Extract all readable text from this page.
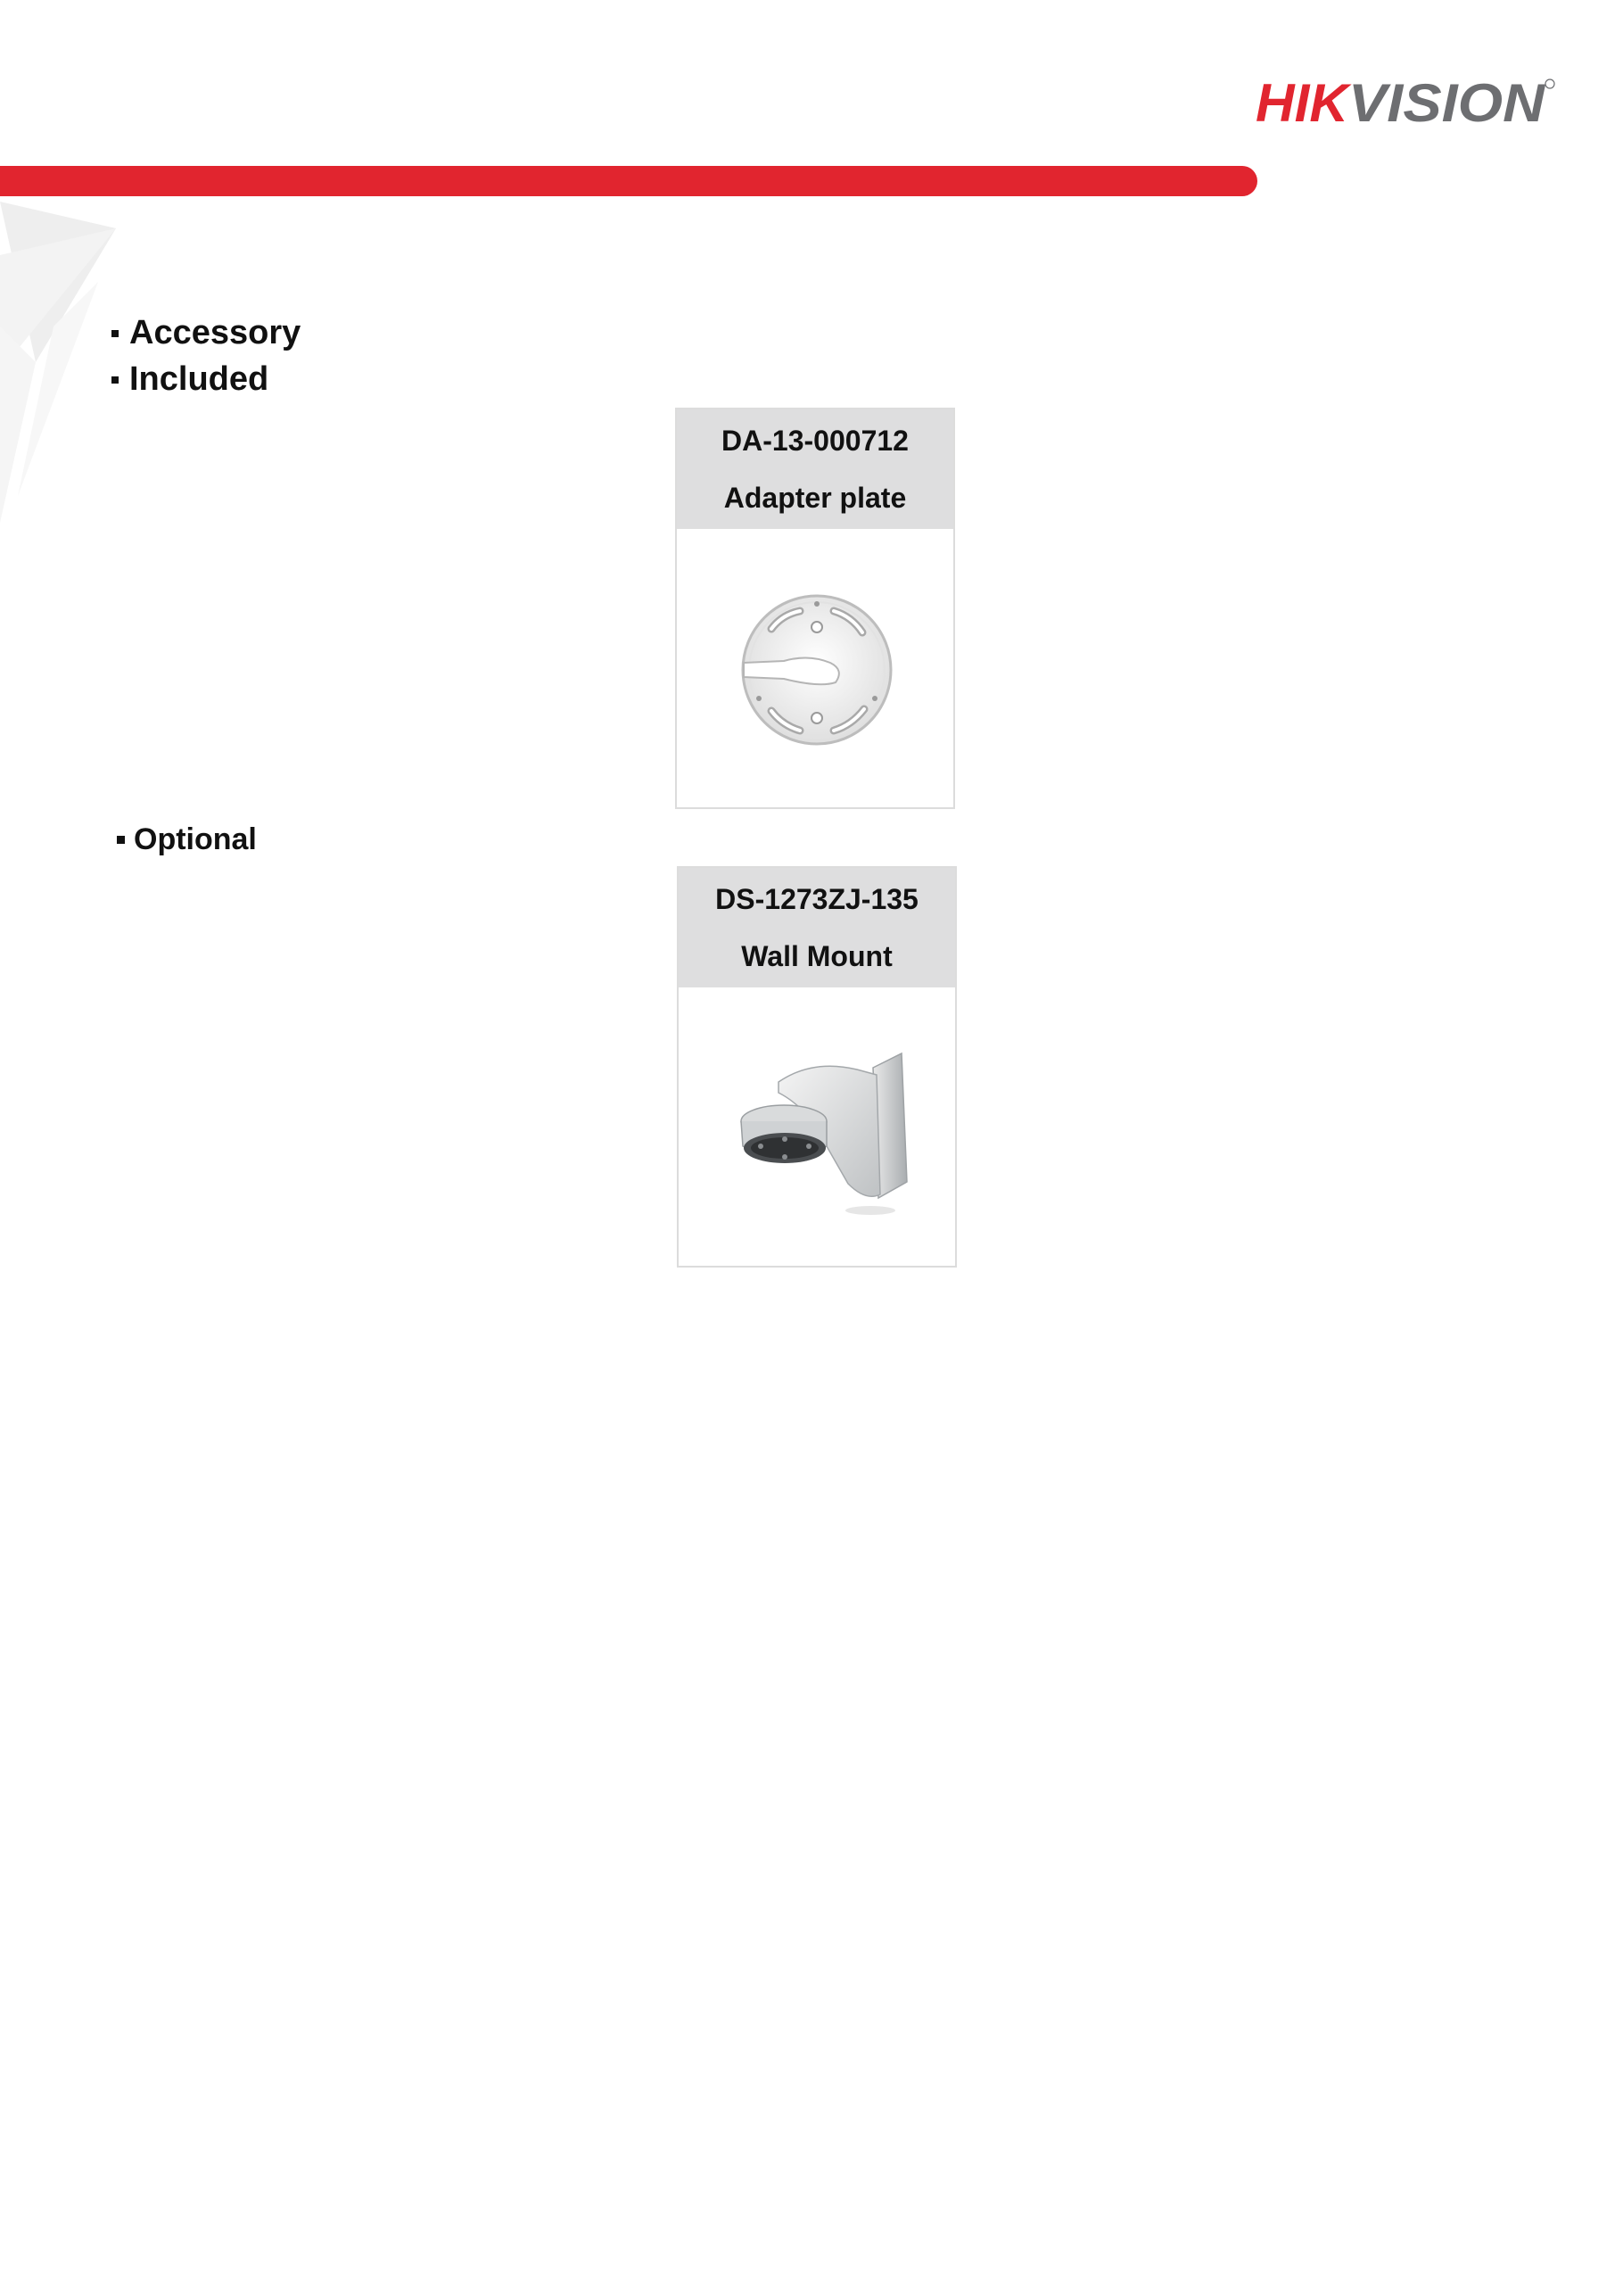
HIK
VISION
Accessory
Included
DA-13-000712
Adapter plate
Optional
DS-1273ZJ-135
Wall Mount
